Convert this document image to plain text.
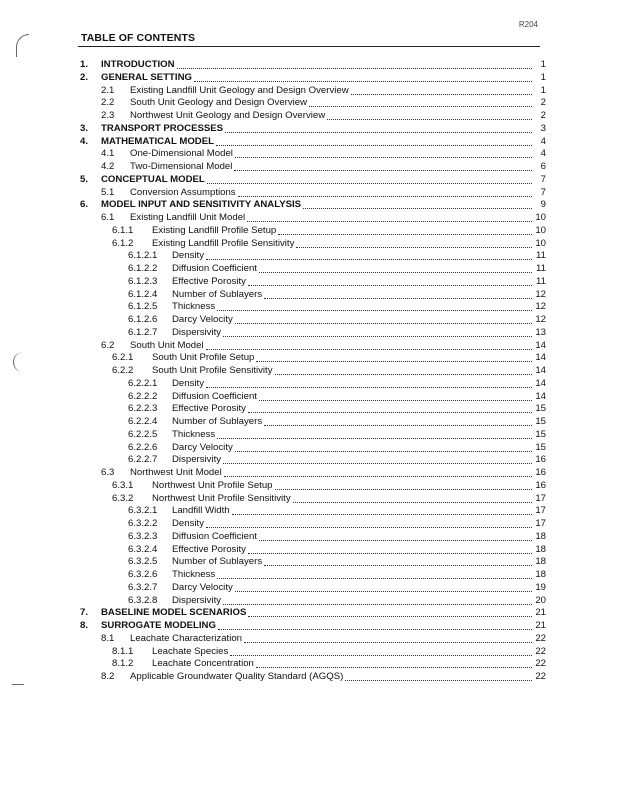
R204
TABLE OF CONTENTS
1. INTRODUCTION	1
2. GENERAL SETTING	1
2.1 Existing Landfill Unit Geology and Design Overview	1
2.2 South Unit Geology and Design Overview	2
2.3 Northwest Unit Geology and Design Overview	2
3. TRANSPORT PROCESSES	3
4. MATHEMATICAL MODEL	4
4.1 One-Dimensional Model	4
4.2 Two-Dimensional Model	6
5. CONCEPTUAL MODEL	7
5.1 Conversion Assumptions	7
6. MODEL INPUT AND SENSITIVITY ANALYSIS	9
6.1 Existing Landfill Unit Model	10
6.1.1 Existing Landfill Profile Setup	10
6.1.2 Existing Landfill Profile Sensitivity	10
6.1.2.1 Density	11
6.1.2.2 Diffusion Coefficient	11
6.1.2.3 Effective Porosity	11
6.1.2.4 Number of Sublayers	12
6.1.2.5 Thickness	12
6.1.2.6 Darcy Velocity	12
6.1.2.7 Dispersivity	13
6.2 South Unit Model	14
6.2.1 South Unit Profile Setup	14
6.2.2 South Unit Profile Sensitivity	14
6.2.2.1 Density	14
6.2.2.2 Diffusion Coefficient	14
6.2.2.3 Effective Porosity	15
6.2.2.4 Number of Sublayers	15
6.2.2.5 Thickness	15
6.2.2.6 Darcy Velocity	15
6.2.2.7 Dispersivity	16
6.3 Northwest Unit Model	16
6.3.1 Northwest Unit Profile Setup	16
6.3.2 Northwest Unit Profile Sensitivity	17
6.3.2.1 Landfill Width	17
6.3.2.2 Density	17
6.3.2.3 Diffusion Coefficient	18
6.3.2.4 Effective Porosity	18
6.3.2.5 Number of Sublayers	18
6.3.2.6 Thickness	18
6.3.2.7 Darcy Velocity	19
6.3.2.8 Dispersivity	20
7. BASELINE MODEL SCENARIOS	21
8. SURROGATE MODELING	21
8.1 Leachate Characterization	22
8.1.1 Leachate Species	22
8.1.2 Leachate Concentration	22
8.2 Applicable Groundwater Quality Standard (AGQS)	22
